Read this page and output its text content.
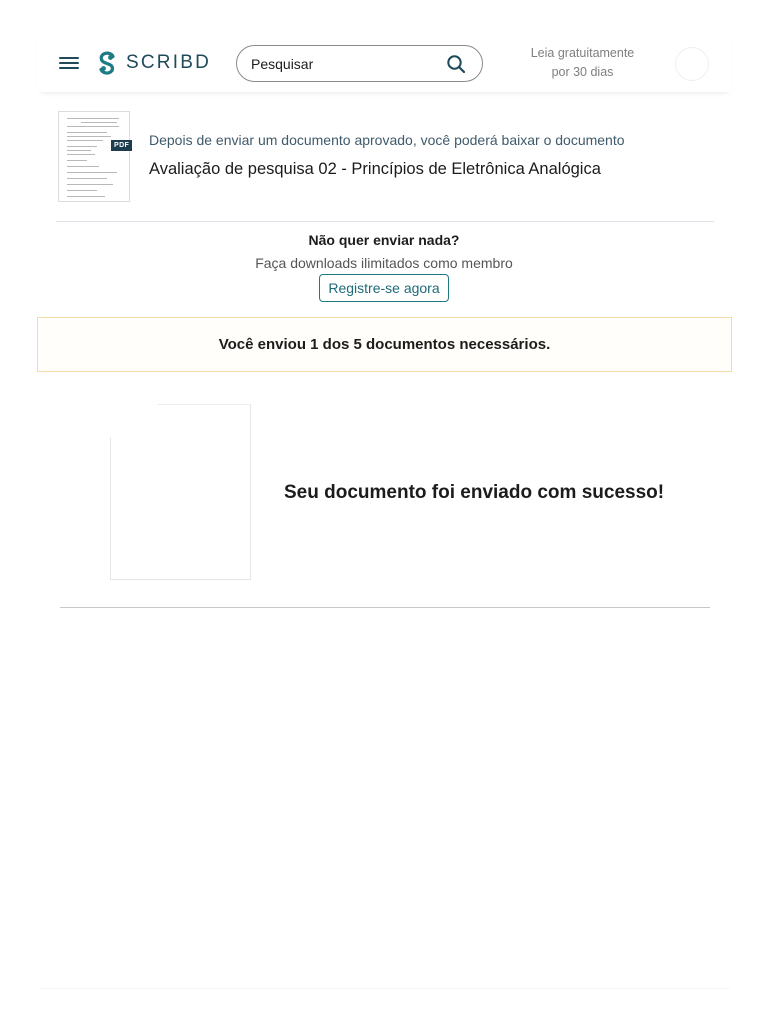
SCRIBD
Pesquisar	Leia gratuitamente
por 30 dias
PDF Depois de enviar um documento aprovado, você poderá baixar o documento
Avaliação de pesquisa 02 - Princípios de Eletrônica Analógica
Não quer enviar nada?
Faça downloads ilimitados como membro
Registre-se agora
Você enviou 1 dos 5 documentos necessários.
Seu documento foi enviado com sucesso!
